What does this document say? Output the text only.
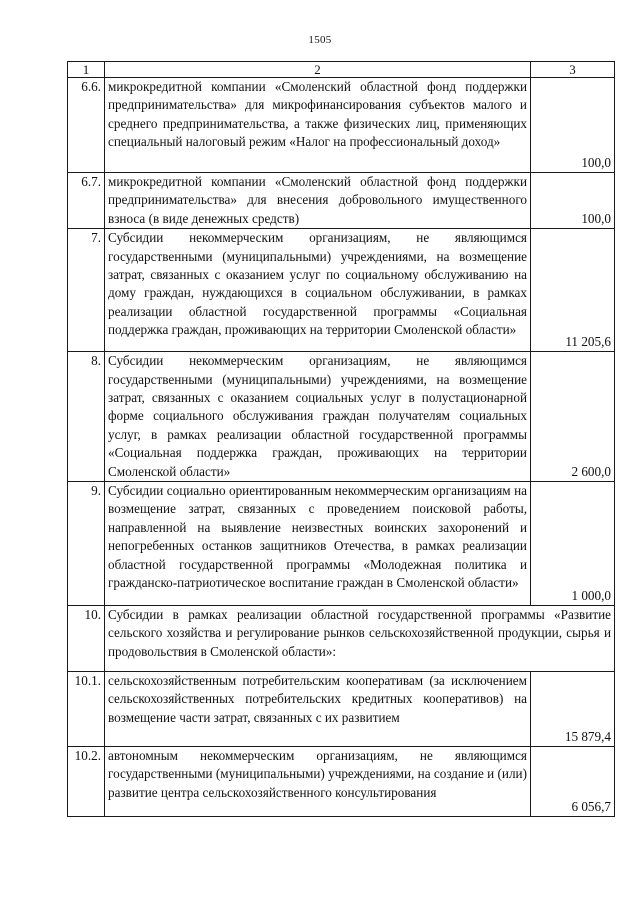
1505
1	2	3
6.6.	микрокредитной компании «Смоленский областной фонд поддержки предпринимательства» для микрофинансирования субъектов малого и среднего предпринимательства, а также физических лиц, применяющих специальный налоговый режим «Налог на профессиональный доход»	100,0
6.7.	микрокредитной компании «Смоленский областной фонд поддержки предпринимательства» для внесения добровольного имущественного взноса (в виде денежных средств)	100,0
7.	Субсидии некоммерческим организациям, не являющимся государственными (муниципальными) учреждениями, на возмещение затрат, связанных с оказанием услуг по социальному обслуживанию на дому граждан, нуждающихся в социальном обслуживании, в рамках реализации областной государственной программы «Социальная поддержка граждан, проживающих на территории Смоленской области»	11 205,6
8.	Субсидии некоммерческим организациям, не являющимся государственными (муниципальными) учреждениями, на возмещение затрат, связанных с оказанием социальных услуг в полустационарной форме социального обслуживания граждан получателям социальных услуг, в рамках реализации областной государственной программы «Социальная поддержка граждан, проживающих на территории Смоленской области»	2 600,0
9.	Субсидии социально ориентированным некоммерческим организациям на возмещение затрат, связанных с проведением поисковой работы, направленной на выявление неизвестных воинских захоронений и непогребенных останков защитников Отечества, в рамках реализации областной государственной программы «Молодежная политика и гражданско-патриотическое воспитание граждан в Смоленской области»	1 000,0
10.	Субсидии в рамках реализации областной государственной программы «Развитие сельского хозяйства и регулирование рынков сельскохозяйственной продукции, сырья и продовольствия в Смоленской области»:	
10.1.	сельскохозяйственным потребительским кооперативам (за исключением сельскохозяйственных потребительских кредитных кооперативов) на возмещение части затрат, связанных с их развитием	15 879,4
10.2.	автономным некоммерческим организациям, не являющимся государственными (муниципальными) учреждениями, на создание и (или) развитие центра сельскохозяйственного консультирования	6 056,7
